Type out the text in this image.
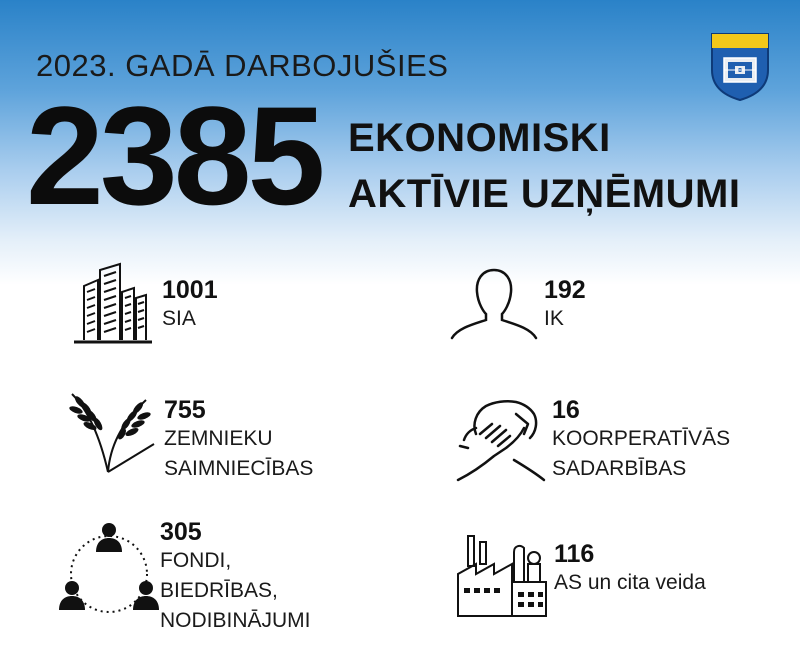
2023. GADĀ DARBOJUŠIES
2385 EKONOMISKI
AKTĪVIE UZŅĒMUMI
1001
SIA
192
IK
755
ZEMNIEKU
SAIMNIECĪBAS
16
KOORPERATĪVĀS
SADARBĪBAS
305
FONDI,
BIEDRĪBAS,
NODIBINĀJUMI
116
AS un cita veida
